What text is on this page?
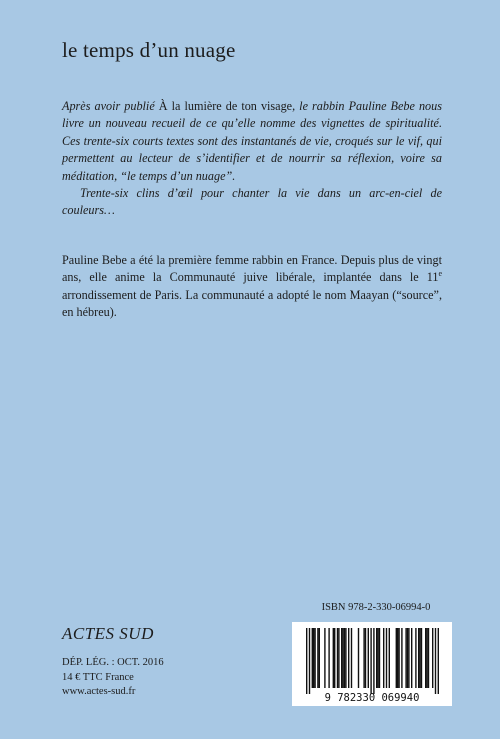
le temps d’un nuage

Après avoir publié À la lumière de ton visage, le rabbin Pauline Bebe nous livre un nouveau recueil de ce qu’elle nomme des vignettes de spiritualité. Ces trente-six courts textes sont des instantanés de vie, croqués sur le vif, qui permettent au lecteur de s’identifier et de nourrir sa réflexion, voire sa méditation, “le temps d’un nuage”.

Trente-six clins d’œil pour chanter la vie dans un arc-en-ciel de couleurs…

Pauline Bebe a été la première femme rabbin en France. Depuis plus de vingt ans, elle anime la Communauté juive libérale, implantée dans le 11e arrondissement de Paris. La communauté a adopté le nom Maayan (“source”, en hébreu).
ACTES SUD
DÉP. LÉG. : OCT. 2016
14 € TTC France
www.actes-sud.fr
ISBN 978-2-330-06994-0
9 782330 069940
